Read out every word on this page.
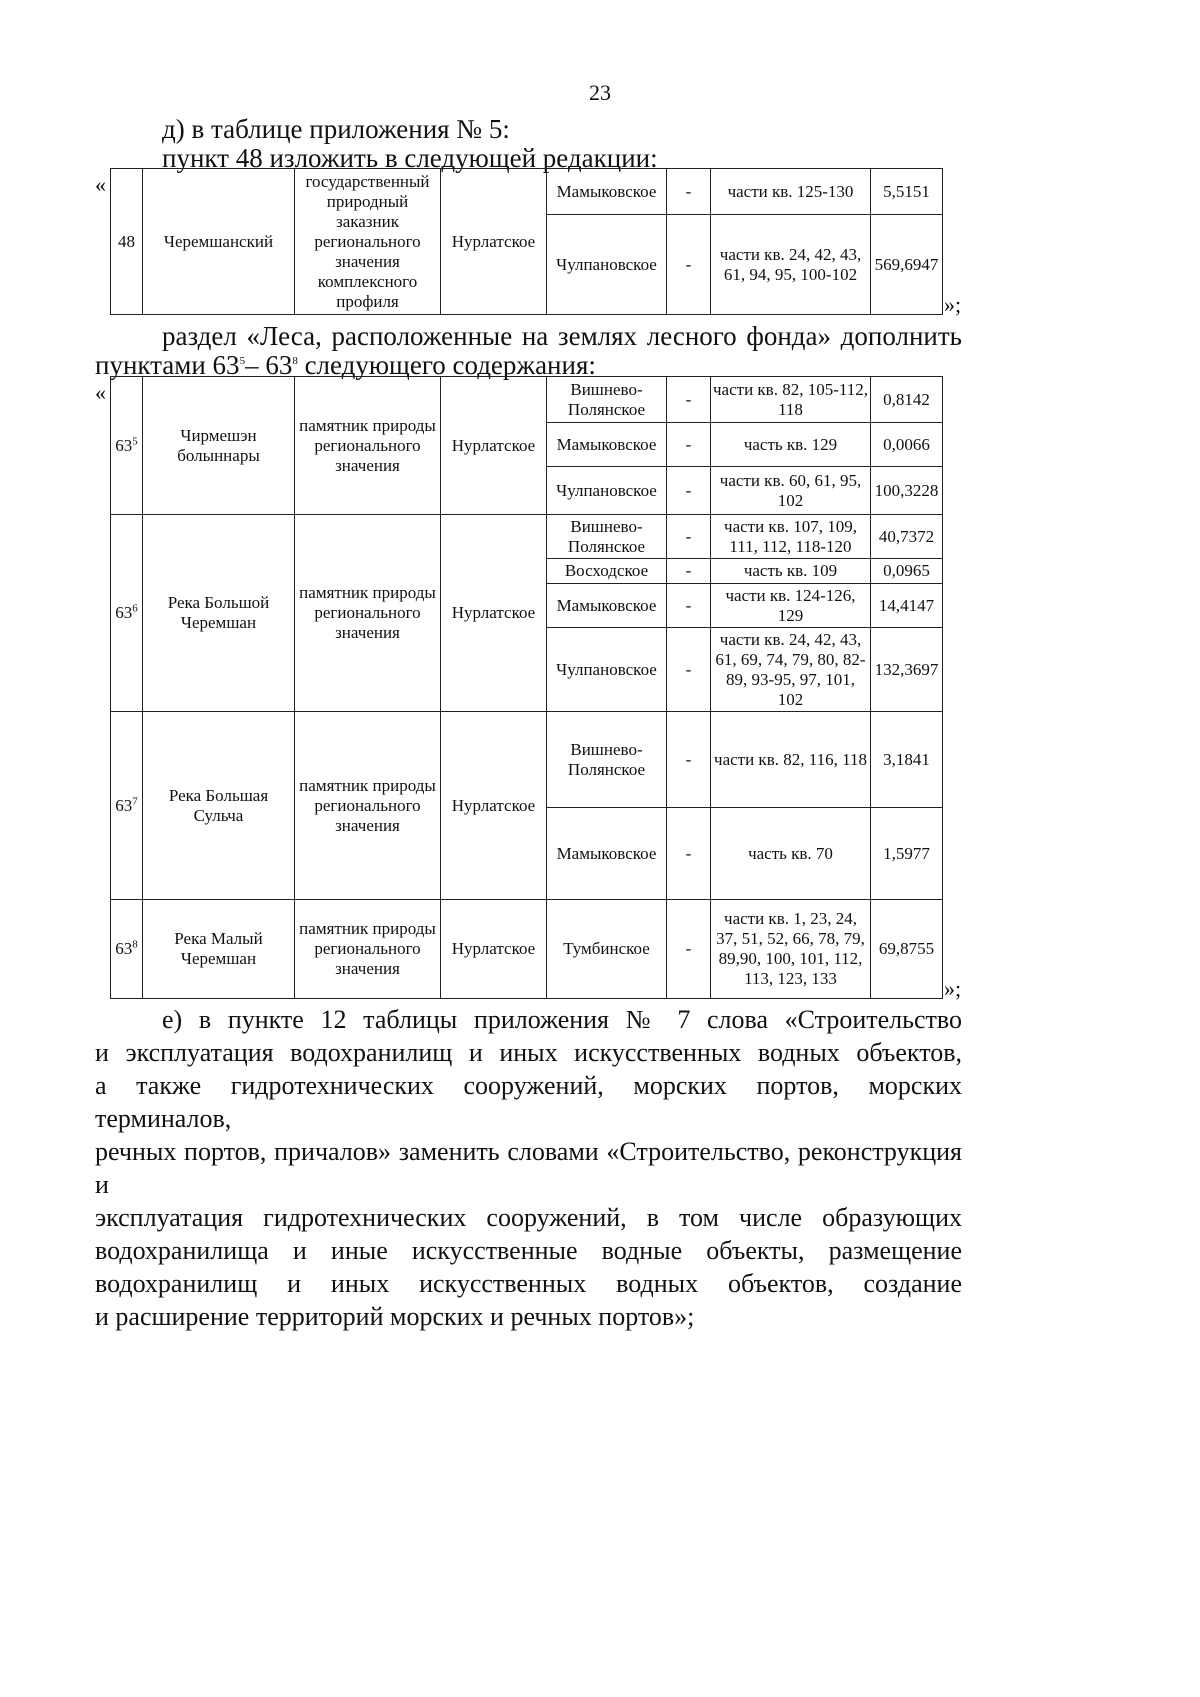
23
д) в таблице приложения № 5:
пункт 48 изложить в следующей редакции:
«
48	Черемшанский	государственный природный заказник регионального значения комплексного профиля	Нурлатское	Мамыковское	-	части кв. 125-130	5,5151
				Чулпановское	-	части кв. 24, 42, 43, 61, 94, 95, 100-102	569,6947
»;
раздел «Леса, расположенные на землях лесного фонда» дополнить
пунктами $63^5-$ $63^8$ следующего содержания:
«
$63^5$	Чирмешэн болыннары	памятник природы регионального значения	Нурлатское	Вишнево-Полянское	-	части кв. 82, 105-112, 118	0,8142
				Мамыковское	-	часть кв. 129	0,0066
				Чулпановское	-	части кв. 60, 61, 95, 102	100,3228
$63^6$	Река Большой Черемшан	памятник природы регионального значения	Нурлатское	Вишнево-Полянское	-	части кв. 107, 109, 111, 112, 118-120	40,7372
				Восходское	-	часть кв. 109	0,0965
				Мамыковское	-	части кв. 124-126, 129	14,4147
				Чулпановское	-	части кв. 24, 42, 43, 61, 69, 74, 79, 80, 82-89, 93-95, 97, 101, 102	132,3697
$63^7$	Река Большая Сульча	памятник природы регионального значения	Нурлатское	Вишнево-Полянское	-	части кв. 82, 116, 118	3,1841
				Мамыковское	-	часть кв. 70	1,5977
$63^8$	Река Малый Черемшан	памятник природы регионального значения	Нурлатское	Тумбинское	-	части кв. 1, 23, 24, 37, 51, 52, 66, 78, 79, 89,90, 100, 101, 112, 113, 123, 133	69,8755
»;
е) в пункте 12 таблицы приложения № 7 слова «Строительство
и эксплуатация водохранилищ и иных искусственных водных объектов,
а также гидротехнических сооружений, морских портов, морских терминалов,
речных портов, причалов» заменить словами «Строительство, реконструкция и
эксплуатация гидротехнических сооружений, в том числе образующих
водохранилища и иные искусственные водные объекты, размещение
водохранилищ и иных искусственных водных объектов, создание
и расширение территорий морских и речных портов»;
